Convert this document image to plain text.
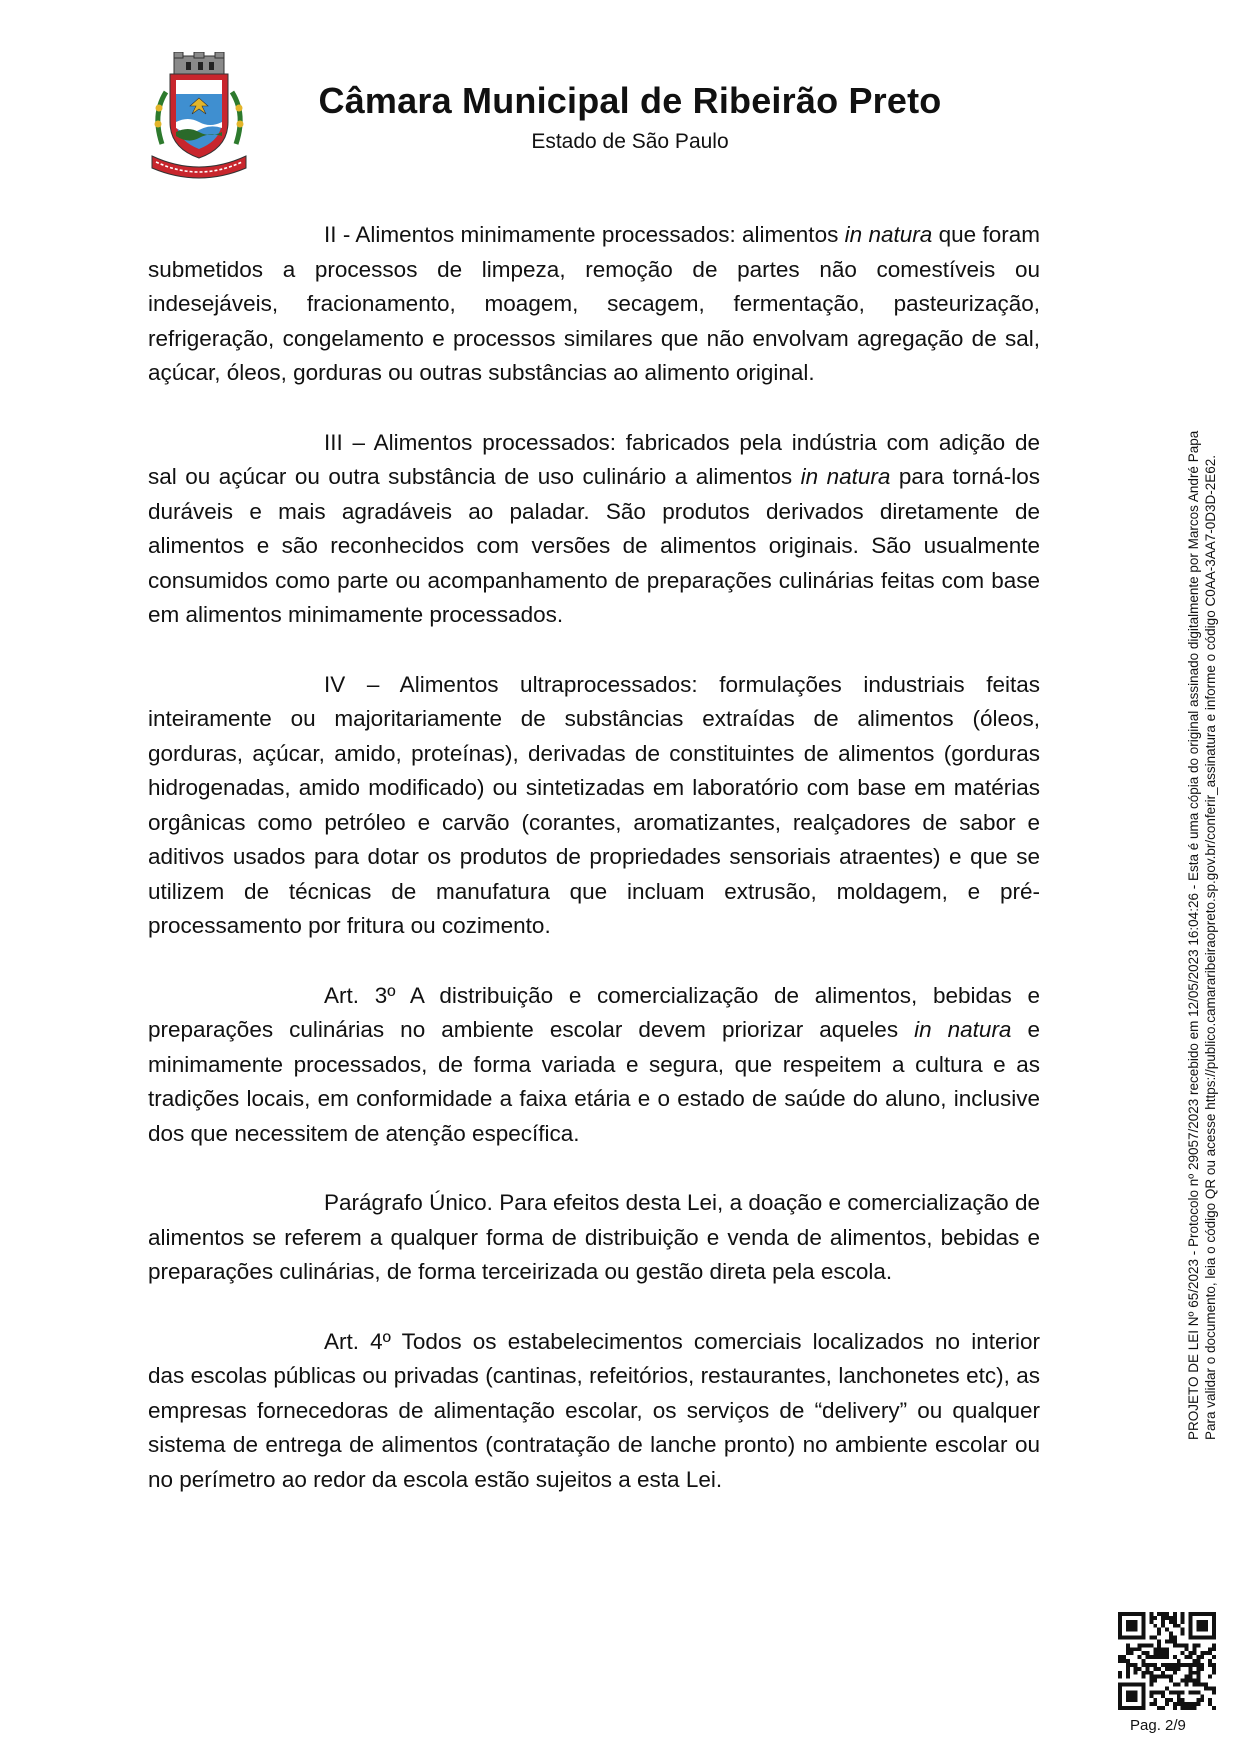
Câmara Municipal de Ribeirão Preto

Estado de São Paulo

II - Alimentos minimamente processados: alimentos in natura que foram submetidos a processos de limpeza, remoção de partes não comestíveis ou indesejáveis, fracionamento, moagem, secagem, fermentação, pasteurização, refrigeração, congelamento e processos similares que não envolvam agregação de sal, açúcar, óleos, gorduras ou outras substâncias ao alimento original.

III – Alimentos processados: fabricados pela indústria com adição de sal ou açúcar ou outra substância de uso culinário a alimentos in natura para torná-los duráveis e mais agradáveis ao paladar. São produtos derivados diretamente de alimentos e são reconhecidos com versões de alimentos originais. São usualmente consumidos como parte ou acompanhamento de preparações culinárias feitas com base em alimentos minimamente processados.

IV – Alimentos ultraprocessados: formulações industriais feitas inteiramente ou majoritariamente de substâncias extraídas de alimentos (óleos, gorduras, açúcar, amido, proteínas), derivadas de constituintes de alimentos (gorduras hidrogenadas, amido modificado) ou sintetizadas em laboratório com base em matérias orgânicas como petróleo e carvão (corantes, aromatizantes, realçadores de sabor e aditivos usados para dotar os produtos de propriedades sensoriais atraentes) e que se utilizem de técnicas de manufatura que incluam extrusão, moldagem, e pré-processamento por fritura ou cozimento.

Art. 3º A distribuição e comercialização de alimentos, bebidas e preparações culinárias no ambiente escolar devem priorizar aqueles in natura e minimamente processados, de forma variada e segura, que respeitem a cultura e as tradições locais, em conformidade a faixa etária e o estado de saúde do aluno, inclusive dos que necessitem de atenção específica.

Parágrafo Único. Para efeitos desta Lei, a doação e comercialização de alimentos se referem a qualquer forma de distribuição e venda de alimentos, bebidas e preparações culinárias, de forma terceirizada ou gestão direta pela escola.

Art. 4º Todos os estabelecimentos comerciais localizados no interior das escolas públicas ou privadas (cantinas, refeitórios, restaurantes, lanchonetes etc), as empresas fornecedoras de alimentação escolar, os serviços de “delivery” ou qualquer sistema de entrega de alimentos (contratação de lanche pronto) no ambiente escolar ou no perímetro ao redor da escola estão sujeitos a esta Lei.

PROJETO DE LEI Nº 65/2023 - Protocolo nº 29057/2023 recebido em 12/05/2023 16:04:26 - Esta é uma cópia do original assinado digitalmente por Marcos André Papa Para validar o documento, leia o código QR ou acesse https://publico.camararibeiraopreto.sp.gov.br/conferir_assinatura e informe o código C0AA-3AA7-0D3D-2E62.

Pag. 2/9
